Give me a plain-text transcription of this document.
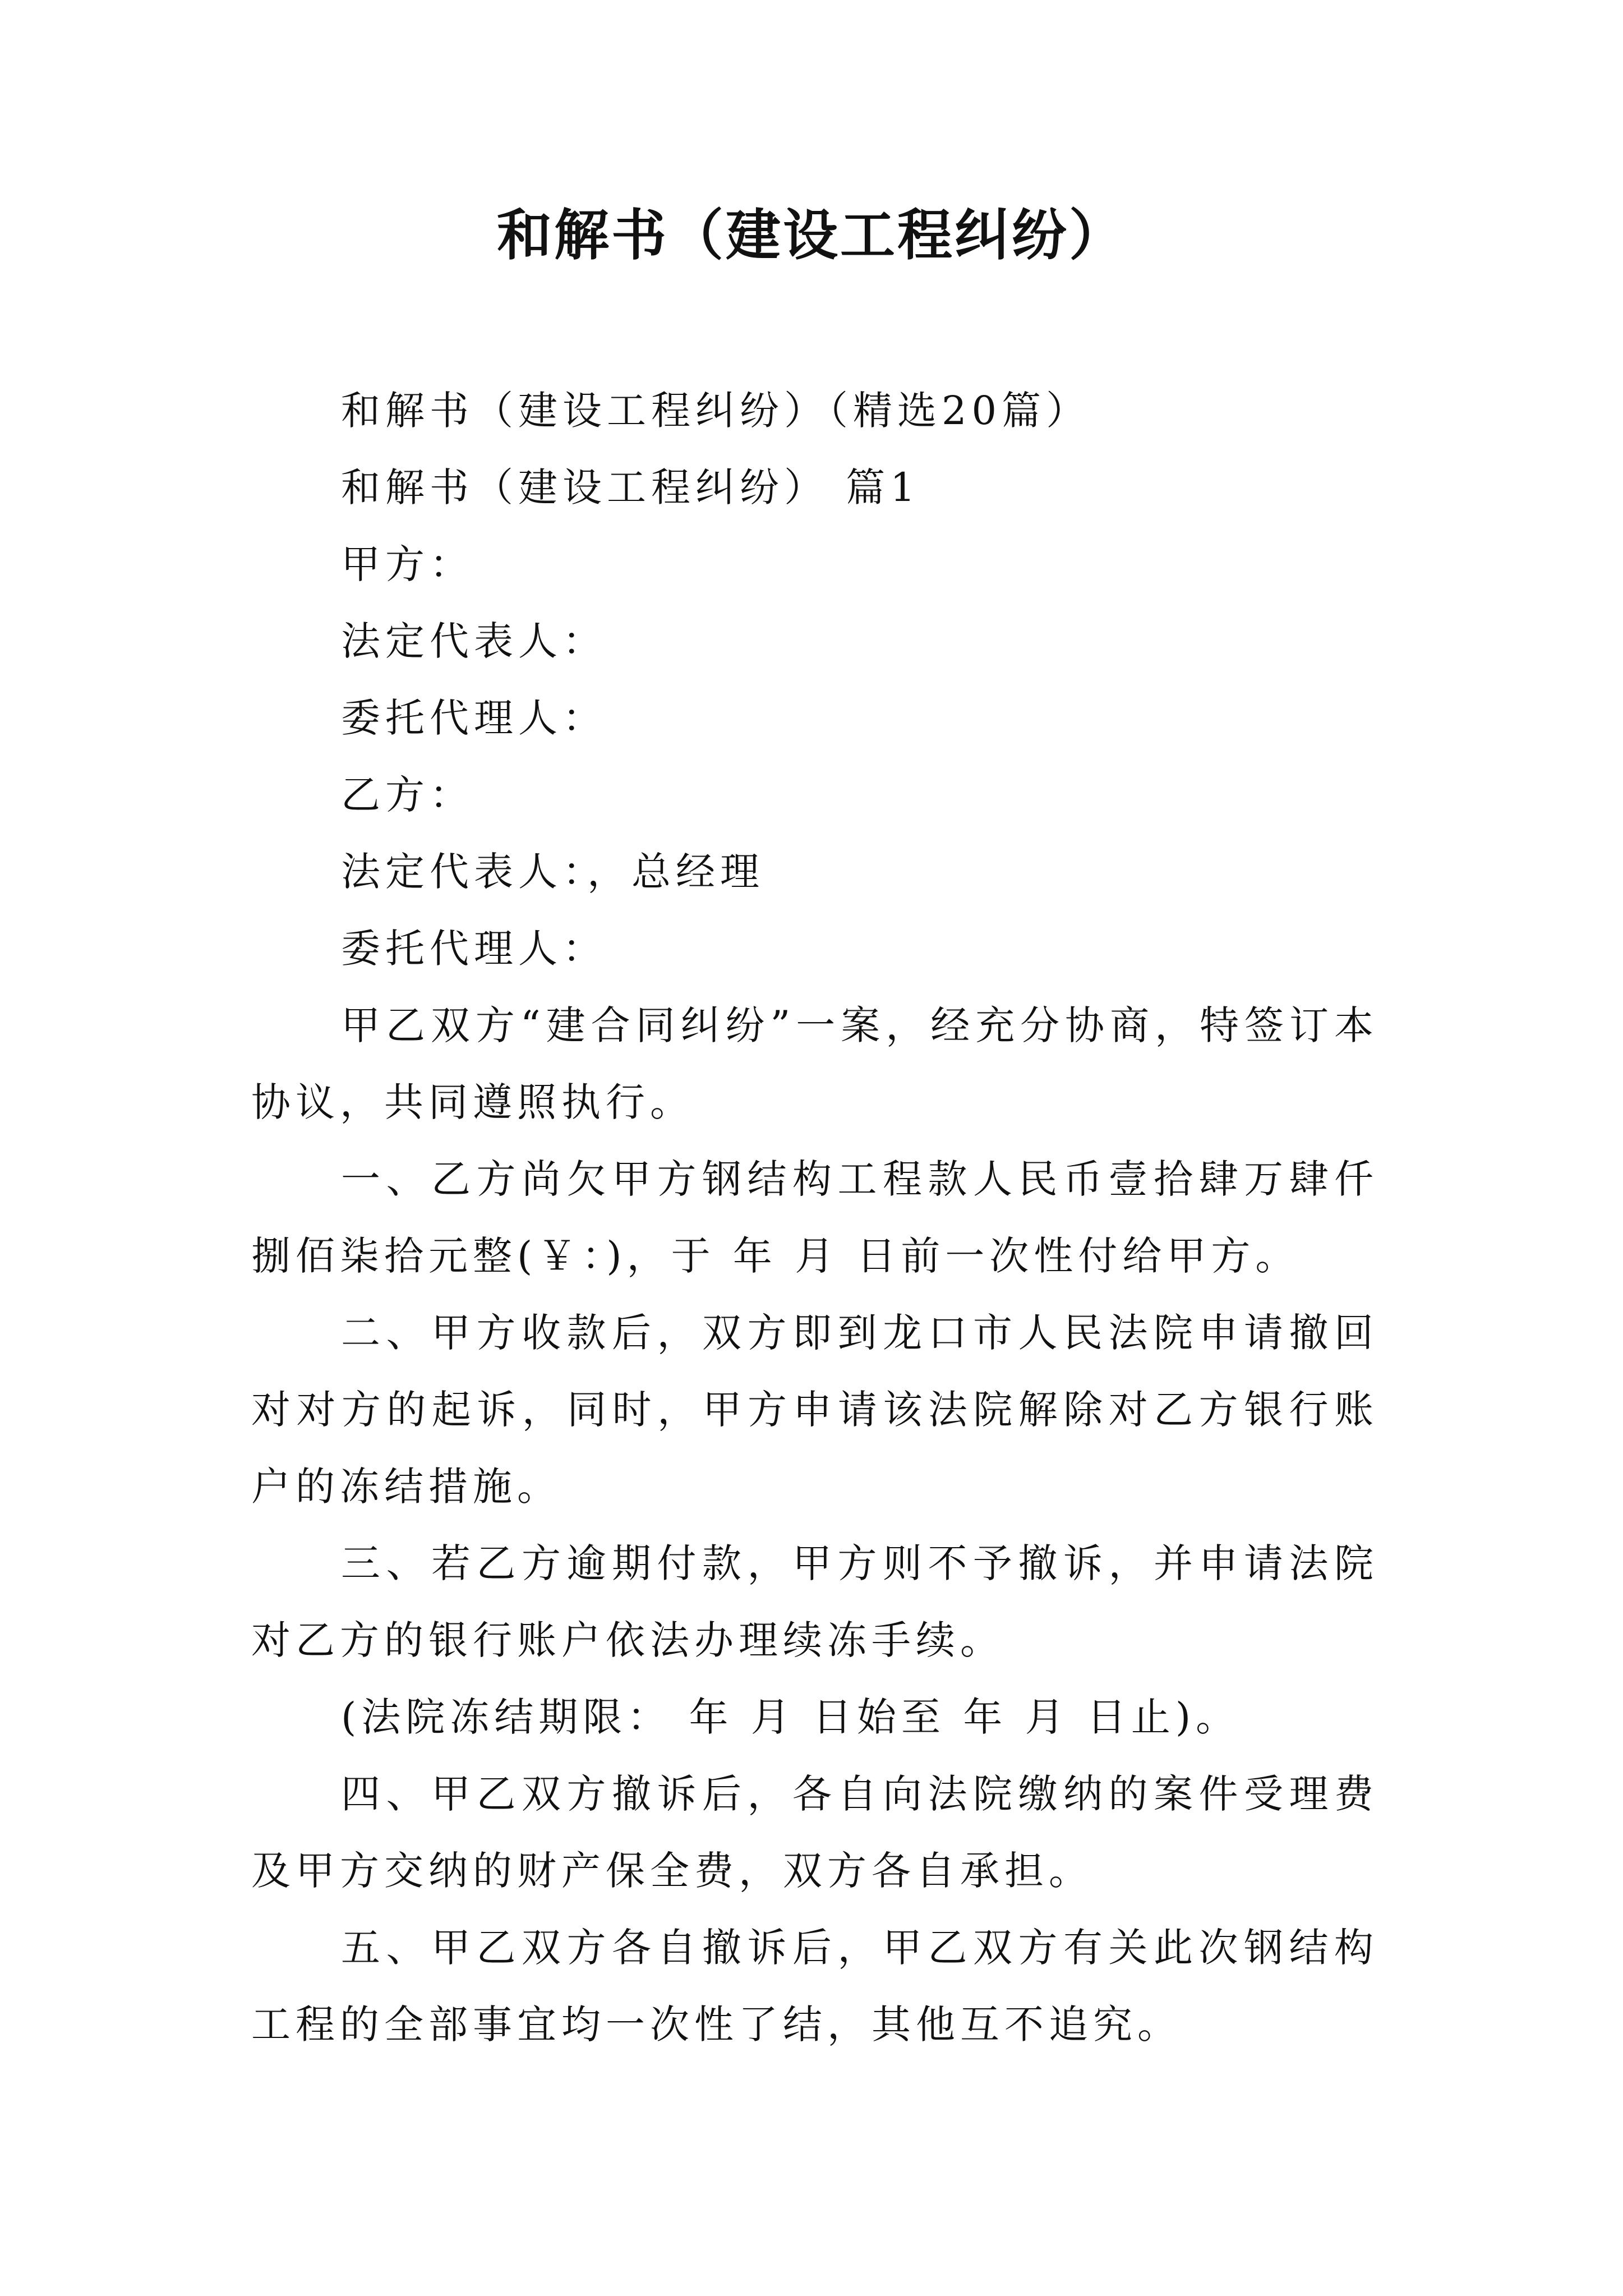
和解书（建设工程纠纷）

和解书（建设工程纠纷）（精选20篇）

和解书（建设工程纠纷） 篇1

甲方：

法定代表人：

委托代理人：

乙方：

法定代表人：，总经理

委托代理人：

甲乙双方“建合同纠纷”一案，经充分协商，特签订本协议，共同遵照执行。

一、乙方尚欠甲方钢结构工程款人民币壹拾肆万肆仟捌佰柒拾元整(￥：)，于 年 月 日前一次性付给甲方。

二、甲方收款后，双方即到龙口市人民法院申请撤回对对方的起诉，同时，甲方申请该法院解除对乙方银行账户的冻结措施。

三、若乙方逾期付款，甲方则不予撤诉，并申请法院对乙方的银行账户依法办理续冻手续。

(法院冻结期限： 年 月 日始至 年 月 日止)。

四、甲乙双方撤诉后，各自向法院缴纳的案件受理费及甲方交纳的财产保全费，双方各自承担。

五、甲乙双方各自撤诉后，甲乙双方有关此次钢结构工程的全部事宜均一次性了结，其他互不追究。
